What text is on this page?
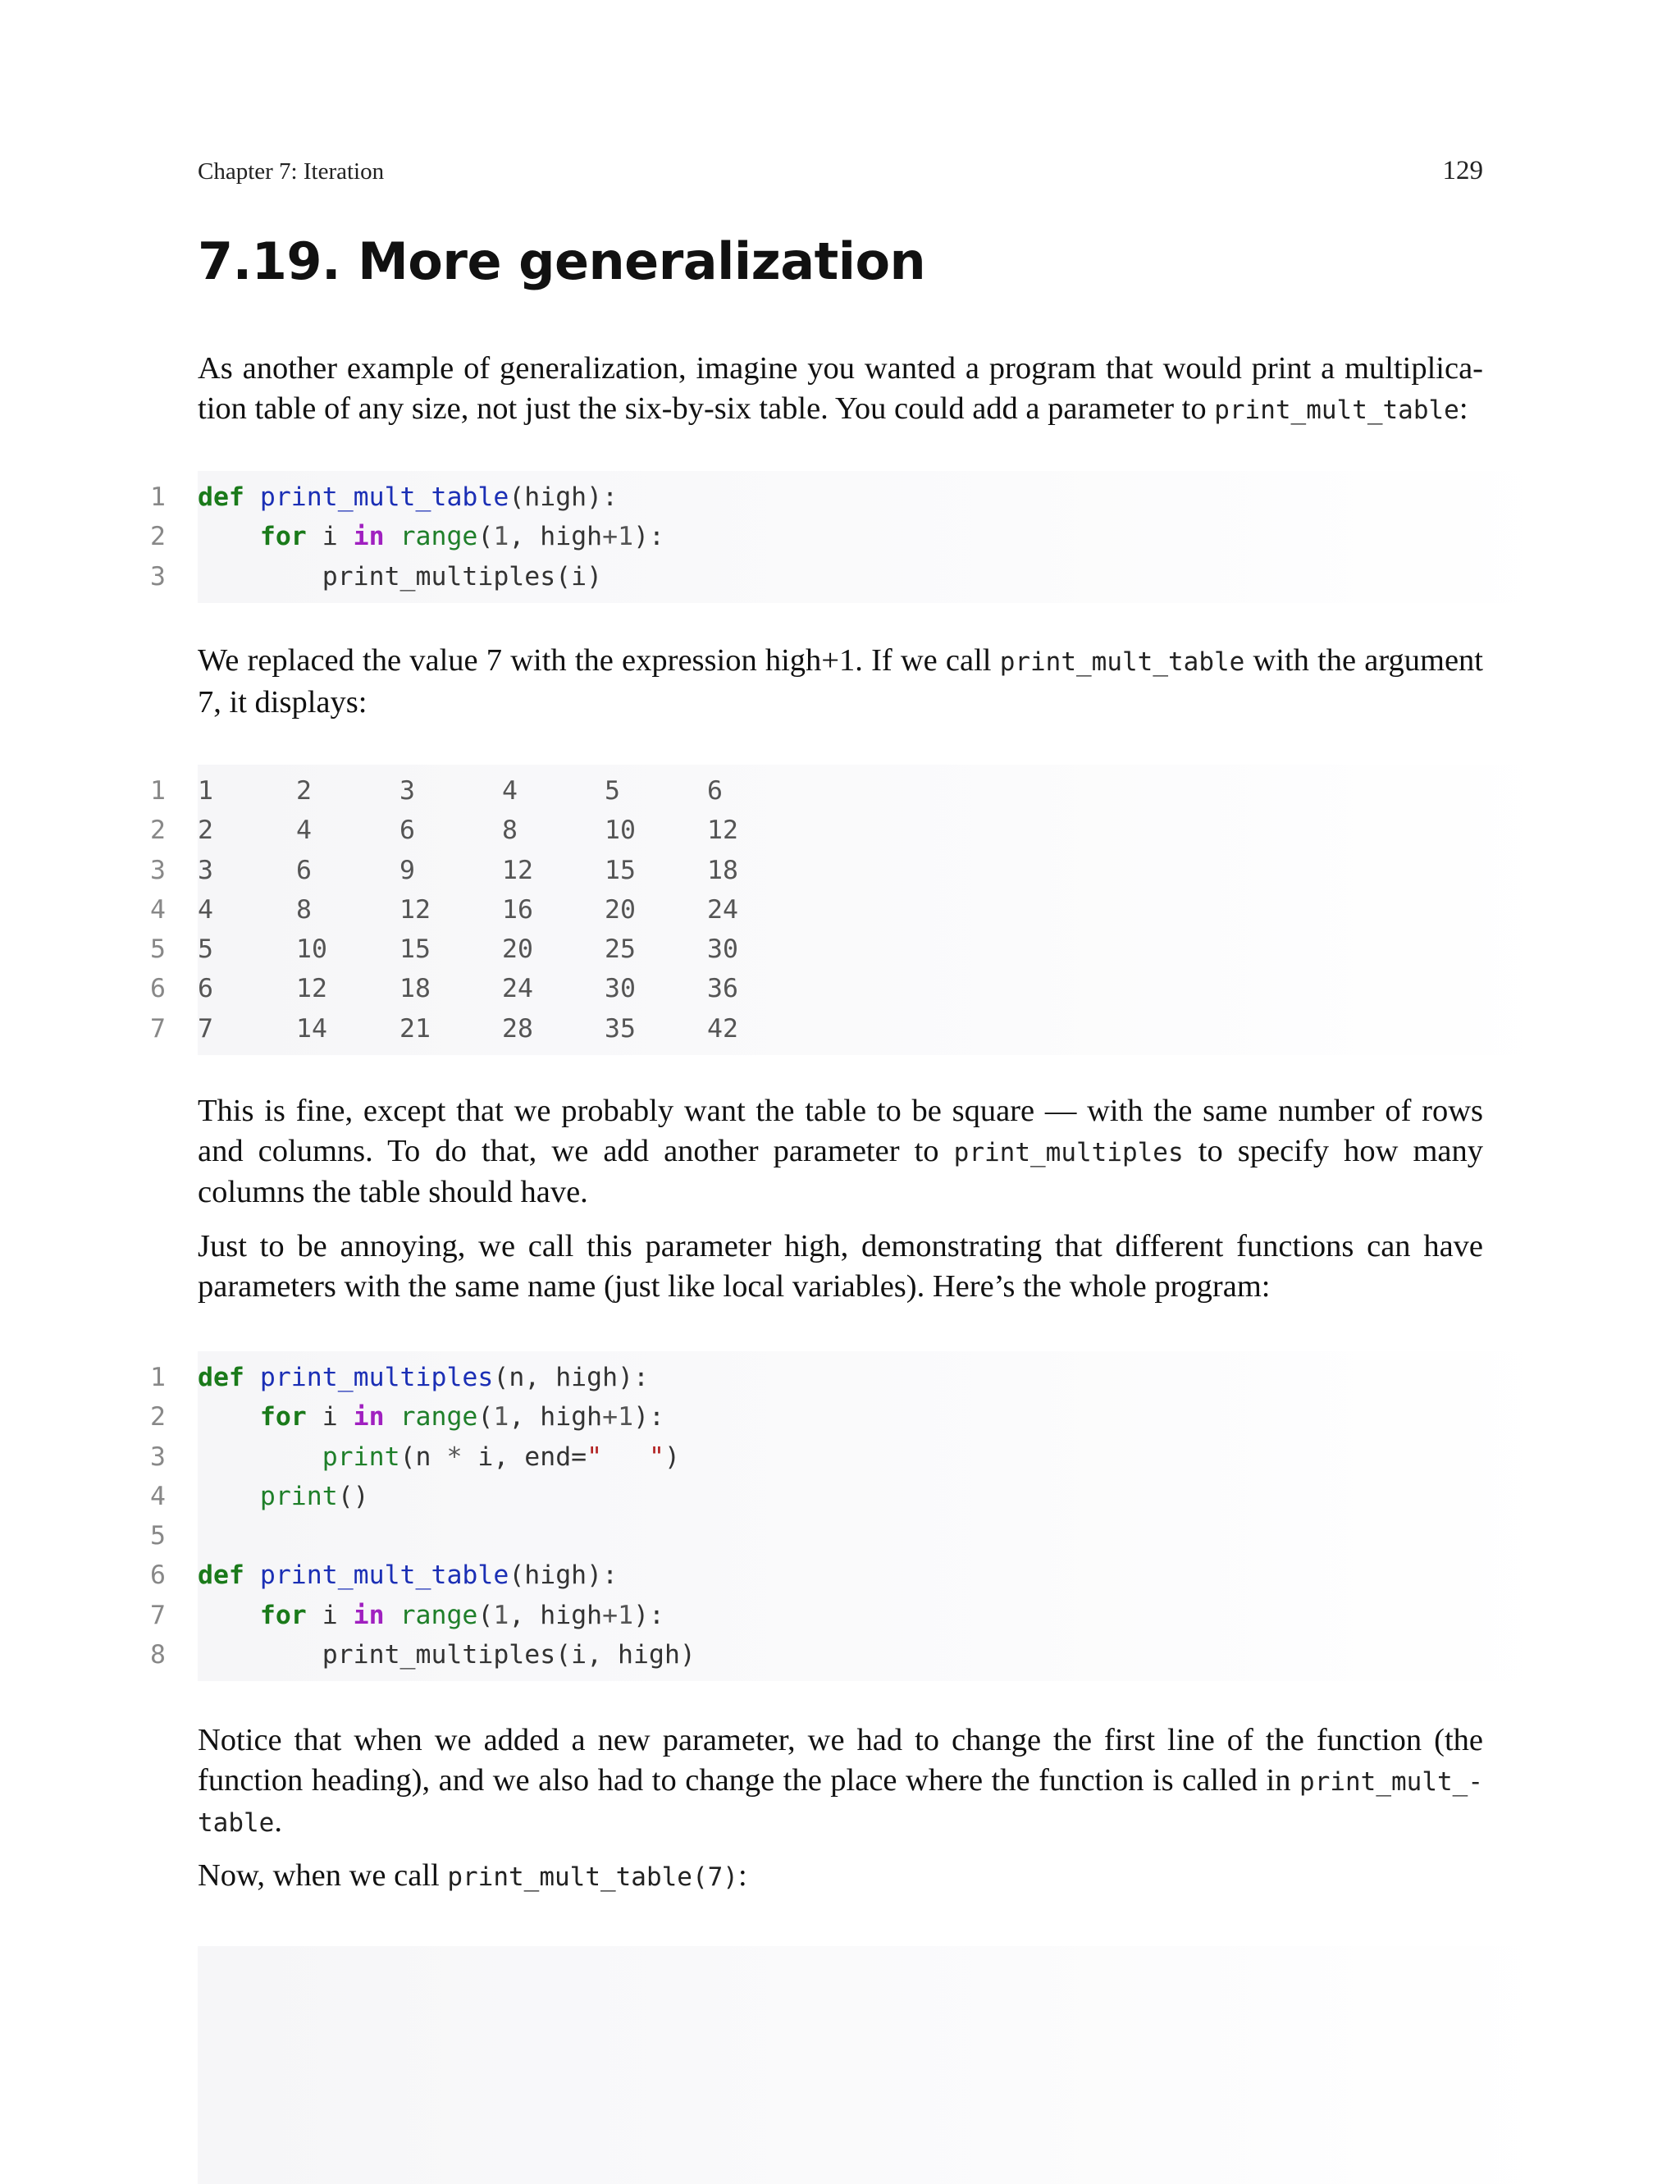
Chapter 7: Iteration	129
7.19. More generalization

As another example of generalization, imagine you wanted a program that would print a multiplica- tion table of any size, not just the six-by-six table. You could add a parameter to print_mult_table:

1 def print_mult_table(high):
2	for i in range(1, high+1):
3 print_multiples(i)

We replaced the value 7 with the expression high+1. If we call print_mult_table with the argument 7, it displays:

1 1	2	3	4	5	6
2 2	4	6	8	10	12
3 3	6	9	12	15	18
4 4	8	12	16	20	24
5 5	10	15	20	25	30
6 6	12	18	24	30	36
7 7	14	21	28	35	42

This is fine, except that we probably want the table to be square — with the same number of rows and columns. To do that, we add another parameter to print_multiples to specify how many columns the table should have.

Just to be annoying, we call this parameter high, demonstrating that different functions can have parameters with the same name (just like local variables). Here’s the whole program:

1 def print_multiples(n, high):
2	for i in range(1, high+1):
3	print(n * i, end="   ")
4	print()
5
6 def print_mult_table(high):
7	for i in range(1, high+1):
8 print_multiples(i, high)

Notice that when we added a new parameter, we had to change the first line of the function (the function heading), and we also had to change the place where the function is called in print_mult_-table.

Now, when we call print_mult_table(7):
